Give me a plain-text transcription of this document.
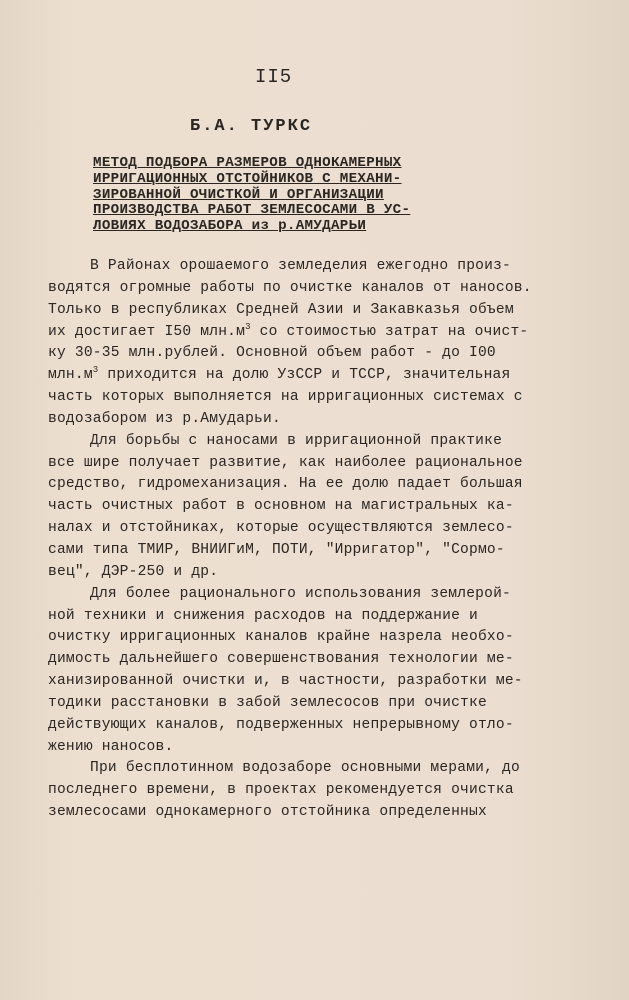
II5
Б.А. ТУРКС
МЕТОД ПОДБОРА РАЗМЕРОВ ОДНОКАМЕРНЫХ
ИРРИГАЦИОННЫХ ОТСТОЙНИКОВ С МЕХАНИ-
ЗИРОВАННОЙ ОЧИСТКОЙ И ОРГАНИЗАЦИИ
ПРОИЗВОДСТВА РАБОТ ЗЕМЛЕСОСАМИ В УС-
ЛОВИЯХ ВОДОЗАБОРА из р.АМУДАРЬИ
В Районах орошаемого земледелия ежегодно произ-
водятся огромные работы по очистке каналов от наносов.
Только в республиках Средней Азии и Закавказья объем
их достигает I50 $млн.м^3$ со стоимостью затрат на очист-
ку 30-35 млн.рублей. Основной объем работ - до I00
$млн.м^3$ приходится на долю УзССР и ТССР, значительная
часть которых выполняется на ирригационных системах с
водозабором из р.Амударьи.
Для борьбы с наносами в ирригационной практике
все шире получает развитие, как наиболее рациональное
средство, гидромеханизация. На ее долю падает большая
часть очистных работ в основном на магистральных ка-
налах и отстойниках, которые осуществляются землесо-
сами типа ТМИР, ВНИИГиМ, ПОТИ, "Ирригатор", "Сормо-
вец", ДЭР-250 и др.
Для более рационального использования землерой-
ной техники и снижения расходов на поддержание и
очистку ирригационных каналов крайне назрела необхо-
димость дальнейшего совершенствования технологии ме-
ханизированной очистки и, в частности, разработки ме-
тодики расстановки в забой землесосов при очистке
действующих каналов, подверженных непрерывному отло-
жению наносов.
При бесплотинном водозаборе основными мерами, до
последнего времени, в проектах рекомендуется очистка
землесосами однокамерного отстойника определенных
